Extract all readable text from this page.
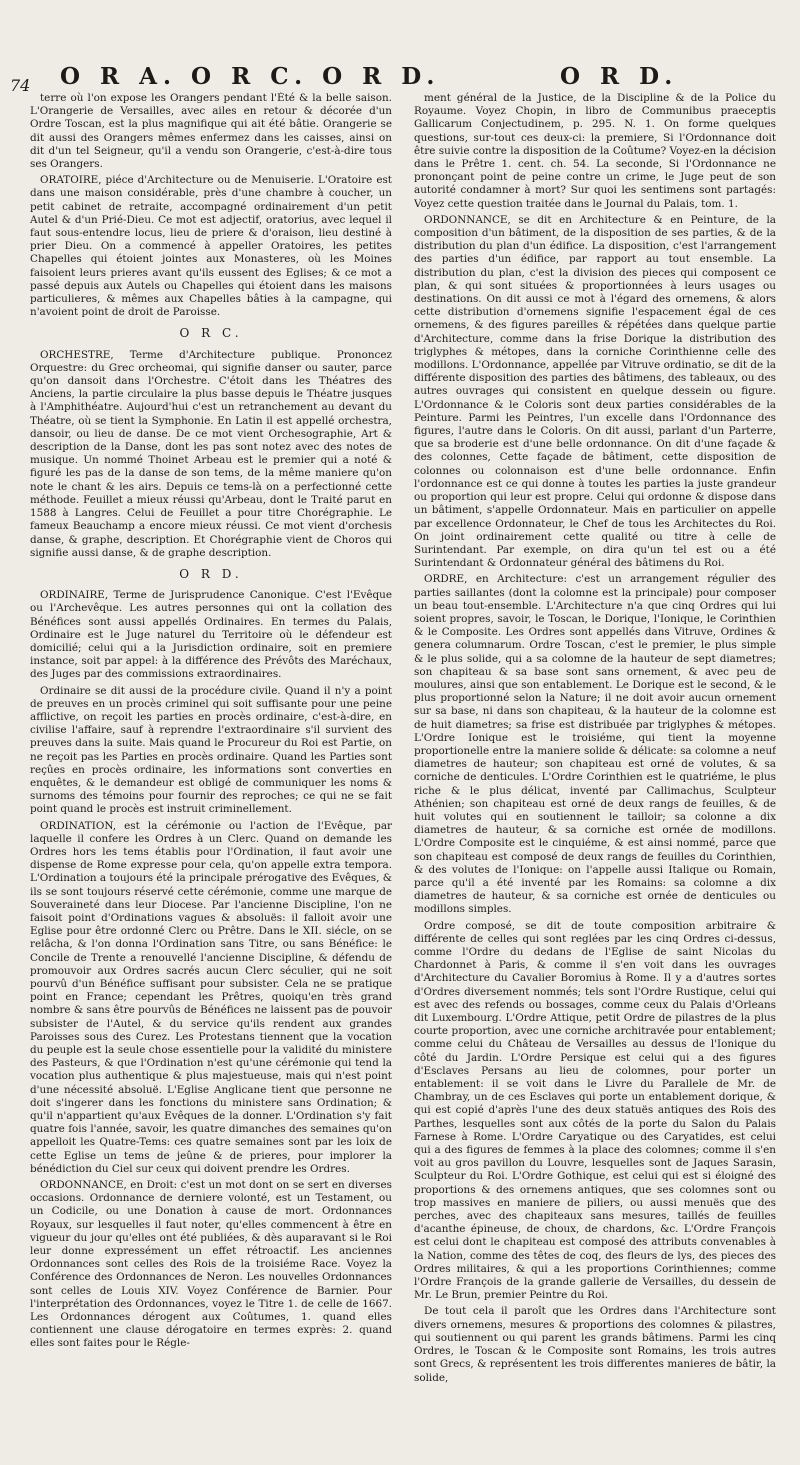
74 O R A. O R C. O R D.	O R D.

terre où l'on expose les Orangers pendant l'Été & la belle saison. L'Orangerie de Versailles, avec ailes en retour & décorée d'un Ordre Toscan, est la plus magnifique qui ait été bâtie. Orangerie se dit aussi des Orangers mêmes enfermez dans les caisses, ainsi on dit d'un tel Seigneur, qu'il a vendu son Orangerie, c'est-à-dire tous ses Orangers.

ORATOIRE, piéce d'Architecture ou de Menuiserie. L'Oratoire est dans une maison considérable, près d'une chambre à coucher, un petit cabinet de retraite, accompagné ordinairement d'un petit Autel & d'un Prié-Dieu. Ce mot est adjectif, oratorius, avec lequel il faut sous-entendre locus, lieu de priere & d'oraison, lieu destiné à prier Dieu. On a commencé à appeller Oratoires, les petites Chapelles qui étoient jointes aux Monasteres, où les Moines faisoient leurs prieres avant qu'ils eussent des Eglises; & ce mot a passé depuis aux Autels ou Chapelles qui étoient dans les maisons particulieres, & mêmes aux Chapelles bâties à la campagne, qui n'avoient point de droit de Paroisse.

O R C.

ORCHESTRE, Terme d'Architecture publique. Prononcez Orquestre: du Grec orcheomai, qui signifie danser ou sauter, parce qu'on dansoit dans l'Orchestre. C'étoit dans les Théatres des Anciens, la partie circulaire la plus basse depuis le Théatre jusques à l'Amphithéatre. Aujourd'hui c'est un retranchement au devant du Théatre, où se tient la Symphonie. En Latin il est appellé orchestra, dansoir, ou lieu de danse. De ce mot vient Orchesographie, Art & description de la Danse, dont les pas sont notez avec des notes de musique. Un nommé Thoinet Arbeau est le premier qui a noté & figuré les pas de la danse de son tems, de la même maniere qu'on note le chant & les airs. Depuis ce tems-là on a perfectionné cette méthode. Feuillet a mieux réussi qu'Arbeau, dont le Traité parut en 1588 à Langres. Celui de Feuillet a pour titre Chorégraphie. Le fameux Beauchamp a encore mieux réussi. Ce mot vient d'orchesis danse, & graphe, description. Et Chorégraphie vient de Choros qui signifie aussi danse, & de graphe description.

O R D.

ORDINAIRE, Terme de Jurisprudence Canonique. C'est l'Evêque ou l'Archevêque. Les autres personnes qui ont la collation des Bénéfices sont aussi appellés Ordinaires. En termes du Palais, Ordinaire est le Juge naturel du Territoire où le défendeur est domicilié; celui qui a la Jurisdiction ordinaire, soit en premiere instance, soit par appel: à la différence des Prévôts des Maréchaux, des Juges par des commissions extraordinaires.

Ordinaire se dit aussi de la procédure civile. Quand il n'y a point de preuves en un procès criminel qui soit suffisante pour une peine afflictive, on reçoit les parties en procès ordinaire, c'est-à-dire, en civilise l'affaire, sauf à reprendre l'extraordinaire s'il survient des preuves dans la suite. Mais quand le Procureur du Roi est Partie, on ne reçoit pas les Parties en procès ordinaire. Quand les Parties sont reçûes en procès ordinaire, les informations sont converties en enquêtes, & le demandeur est obligé de communiquer les noms & surnoms des témoins pour fournir des reproches; ce qui ne se fait point quand le procès est instruit criminellement.

ORDINATION, est la cérémonie ou l'action de l'Evêque, par laquelle il confere les Ordres à un Clerc. Quand on demande les Ordres hors les tems établis pour l'Ordination, il faut avoir une dispense de Rome expresse pour cela, qu'on appelle extra tempora. L'Ordination a toujours été la principale prérogative des Evêques, & ils se sont toujours réservé cette cérémonie, comme une marque de Souveraineté dans leur Diocese. Par l'ancienne Discipline, l'on ne faisoit point d'Ordinations vagues & absoluës: il falloit avoir une Eglise pour être ordonné Clerc ou Prêtre. Dans le XII. siécle, on se relâcha, & l'on donna l'Ordination sans Titre, ou sans Bénéfice: le Concile de Trente a renouvellé l'ancienne Discipline, & défendu de promouvoir aux Ordres sacrés aucun Clerc séculier, qui ne soit pourvû d'un Bénéfice suffisant pour subsister. Cela ne se pratique point en France; cependant les Prêtres, quoiqu'en très grand nombre & sans être pourvûs de Bénéfices ne laissent pas de pouvoir subsister de l'Autel, & du service qu'ils rendent aux grandes Paroisses sous des Curez. Les Protestans tiennent que la vocation du peuple est la seule chose essentielle pour la validité du ministere des Pasteurs, & que l'Ordination n'est qu'une cérémonie qui tend la vocation plus authentique & plus majestueuse, mais qui n'est point d'une nécessité absoluë. L'Eglise Anglicane tient que personne ne doit s'ingerer dans les fonctions du ministere sans Ordination; & qu'il n'appartient qu'aux Evêques de la donner. L'Ordination s'y fait quatre fois l'année, savoir, les quatre dimanches des semaines qu'on appelloit les Quatre-Tems: ces quatre semaines sont par les loix de cette Eglise un tems de jeûne & de prieres, pour implorer la bénédiction du Ciel sur ceux qui doivent prendre les Ordres.

ORDONNANCE, en Droit: c'est un mot dont on se sert en diverses occasions. Ordonnance de derniere volonté, est un Testament, ou un Codicile, ou une Donation à cause de mort. Ordonnances Royaux, sur lesquelles il faut noter, qu'elles commencent à être en vigueur du jour qu'elles ont été publiées, & dès auparavant si le Roi leur donne expressément un effet rétroactif. Les anciennes Ordonnances sont celles des Rois de la troisiéme Race. Voyez la Conférence des Ordonnances de Neron. Les nouvelles Ordonnances sont celles de Louis XIV. Voyez Conférence de Barnier. Pour l'interprétation des Ordonnances, voyez le Titre 1. de celle de 1667. Les Ordonnances dérogent aux Coûtumes, 1. quand elles contiennent une clause dérogatoire en termes exprès: 2. quand elles sont faites pour le Régle-

ment général de la Justice, de la Discipline & de la Police du Royaume. Voyez Chopin, in libro de Communibus praeceptis Gallicarum Conjectudinem, p. 295. N. 1. On forme quelques questions, sur-tout ces deux-ci: la premiere, Si l'Ordonnance doit être suivie contre la disposition de la Coûtume? Voyez-en la décision dans le Prêtre 1. cent. ch. 54. La seconde, Si l'Ordonnance ne prononçant point de peine contre un crime, le Juge peut de son autorité condamner à mort? Sur quoi les sentimens sont partagés: Voyez cette question traitée dans le Journal du Palais, tom. 1.

ORDONNANCE, se dit en Architecture & en Peinture, de la composition d'un bâtiment, de la disposition de ses parties, & de la distribution du plan d'un édifice. La disposition, c'est l'arrangement des parties d'un édifice, par rapport au tout ensemble. La distribution du plan, c'est la division des pieces qui composent ce plan, & qui sont situées & proportionnées à leurs usages ou destinations. On dit aussi ce mot à l'égard des ornemens, & alors cette distribution d'ornemens signifie l'espacement égal de ces ornemens, & des figures pareilles & répétées dans quelque partie d'Architecture, comme dans la frise Dorique la distribution des triglyphes & métopes, dans la corniche Corinthienne celle des modillons. L'Ordonnance, appellée par Vitruve ordinatio, se dit de la différente disposition des parties des bâtimens, des tableaux, ou des autres ouvrages qui consistent en quelque dessein ou figure. L'Ordonnance & le Coloris sont deux parties considérables de la Peinture. Parmi les Peintres, l'un excelle dans l'Ordonnance des figures, l'autre dans le Coloris. On dit aussi, parlant d'un Parterre, que sa broderie est d'une belle ordonnance. On dit d'une façade & des colonnes, Cette façade de bâtiment, cette disposition de colonnes ou colonnaison est d'une belle ordonnance. Enfin l'ordonnance est ce qui donne à toutes les parties la juste grandeur ou proportion qui leur est propre. Celui qui ordonne & dispose dans un bâtiment, s'appelle Ordonnateur. Mais en particulier on appelle par excellence Ordonnateur, le Chef de tous les Architectes du Roi. On joint ordinairement cette qualité ou titre à celle de Surintendant. Par exemple, on dira qu'un tel est ou a été Surintendant & Ordonnateur général des bâtimens du Roi.

ORDRE, en Architecture: c'est un arrangement régulier des parties saillantes (dont la colomne est la principale) pour composer un beau tout-ensemble. L'Architecture n'a que cinq Ordres qui lui soient propres, savoir, le Toscan, le Dorique, l'Ionique, le Corinthien & le Composite. Les Ordres sont appellés dans Vitruve, Ordines & genera columnarum. Ordre Toscan, c'est le premier, le plus simple & le plus solide, qui a sa colomne de la hauteur de sept diametres; son chapiteau & sa base sont sans ornement, & avec peu de moulures, ainsi que son entablement. Le Dorique est le second, & le plus proportionné selon la Nature; il ne doit avoir aucun ornement sur sa base, ni dans son chapiteau, & la hauteur de la colomne est de huit diametres; sa frise est distribuée par triglyphes & métopes. L'Ordre Ionique est le troisiéme, qui tient la moyenne proportionelle entre la maniere solide & délicate: sa colomne a neuf diametres de hauteur; son chapiteau est orné de volutes, & sa corniche de denticules. L'Ordre Corinthien est le quatriéme, le plus riche & le plus délicat, inventé par Callimachus, Sculpteur Athénien; son chapiteau est orné de deux rangs de feuilles, & de huit volutes qui en soutiennent le tailloir; sa colonne a dix diametres de hauteur, & sa corniche est ornée de modillons. L'Ordre Composite est le cinquiéme, & est ainsi nommé, parce que son chapiteau est composé de deux rangs de feuilles du Corinthien, & des volutes de l'Ionique: on l'appelle aussi Italique ou Romain, parce qu'il a été inventé par les Romains: sa colomne a dix diametres de hauteur, & sa corniche est ornée de denticules ou modillons simples.

Ordre composé, se dit de toute composition arbitraire & différente de celles qui sont reglées par les cinq Ordres ci-dessus, comme l'Ordre du dedans de l'Eglise de saint Nicolas du Chardonnet à Paris, & comme il s'en voit dans les ouvrages d'Architecture du Cavalier Boromius à Rome. Il y a d'autres sortes d'Ordres diversement nommés; tels sont l'Ordre Rustique, celui qui est avec des refends ou bossages, comme ceux du Palais d'Orleans dit Luxembourg. L'Ordre Attique, petit Ordre de pilastres de la plus courte proportion, avec une corniche architravée pour entablement; comme celui du Château de Versailles au dessus de l'Ionique du côté du Jardin. L'Ordre Persique est celui qui a des figures d'Esclaves Persans au lieu de colomnes, pour porter un entablement: il se voit dans le Livre du Parallele de Mr. de Chambray, un de ces Esclaves qui porte un entablement dorique, & qui est copié d'après l'une des deux statuës antiques des Rois des Parthes, lesquelles sont aux côtés de la porte du Salon du Palais Farnese à Rome. L'Ordre Caryatique ou des Caryatides, est celui qui a des figures de femmes à la place des colomnes; comme il s'en voit au gros pavillon du Louvre, lesquelles sont de Jaques Sarasin, Sculpteur du Roi. L'Ordre Gothique, est celui qui est si éloigné des proportions & des ornemens antiques, que ses colomnes sont ou trop massives en maniere de piliers, ou aussi menuës que des perches, avec des chapiteaux sans mesures, taillés de feuilles d'acanthe épineuse, de choux, de chardons, &c. L'Ordre François est celui dont le chapiteau est composé des attributs convenables à la Nation, comme des têtes de coq, des fleurs de lys, des pieces des Ordres militaires, & qui a les proportions Corinthiennes; comme l'Ordre François de la grande gallerie de Versailles, du dessein de Mr. Le Brun, premier Peintre du Roi.

De tout cela il paroît que les Ordres dans l'Architecture sont divers ornemens, mesures & proportions des colomnes & pilastres, qui soutiennent ou qui parent les grands bâtimens. Parmi les cinq Ordres, le Toscan & le Composite sont Romains, les trois autres sont Grecs, & représentent les trois differentes manieres de bâtir, la solide,
